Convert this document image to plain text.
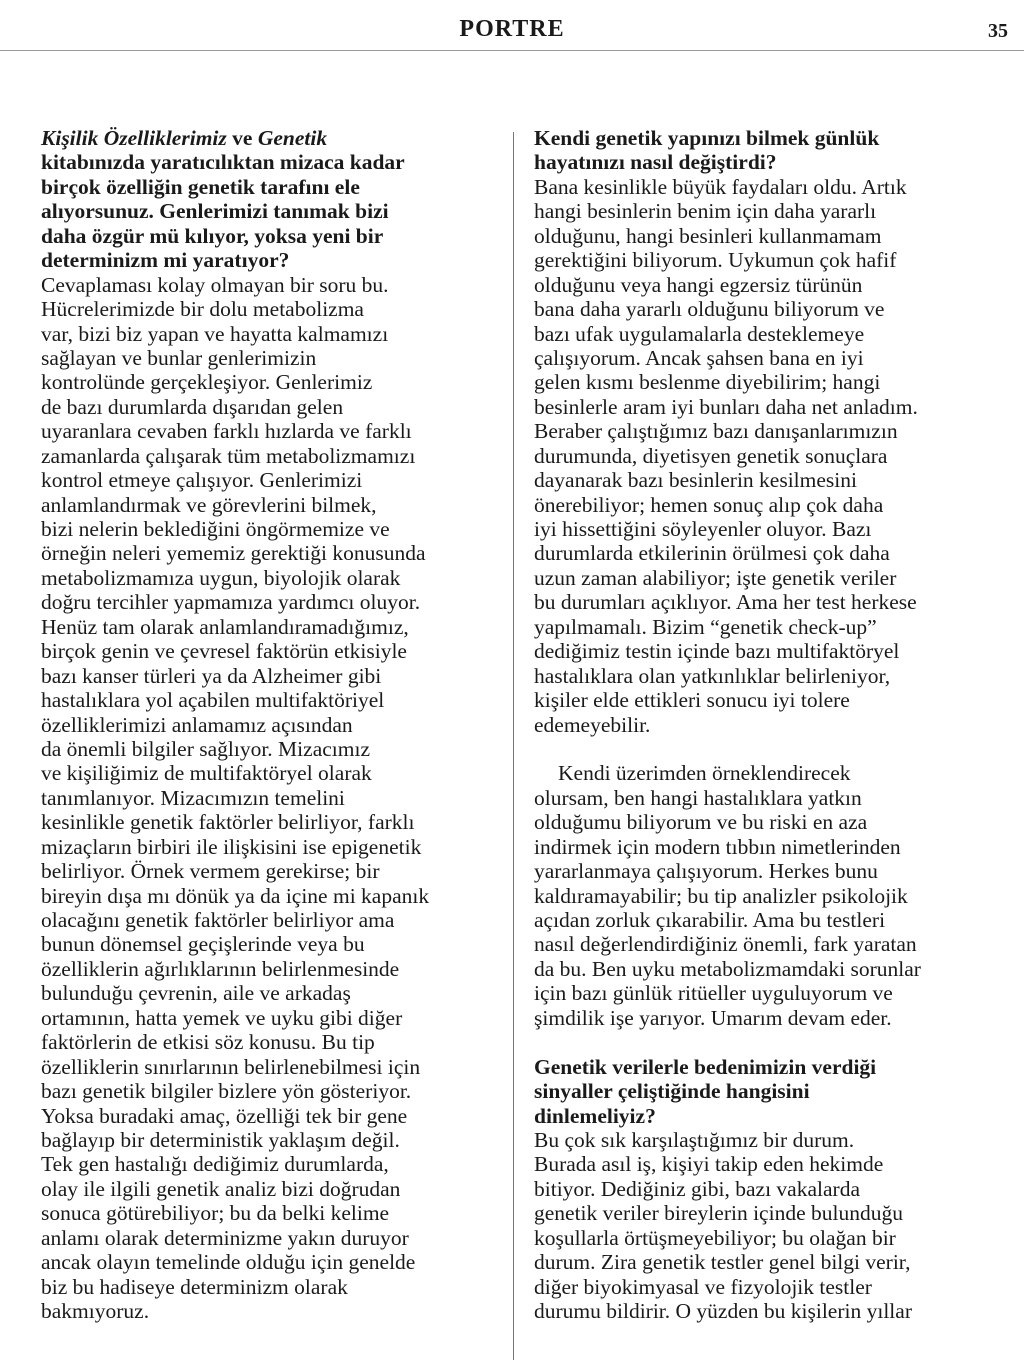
PORTRE	35
Kişilik Özelliklerimiz ve Genetik
kitabınızda yaratıcılıktan mizaca kadar
birçok özelliğin genetik tarafını ele
alıyorsunuz. Genlerimizi tanımak bizi
daha özgür mü kılıyor, yoksa yeni bir
determinizm mi yaratıyor?
Cevaplaması kolay olmayan bir soru bu.
Hücrelerimizde bir dolu metabolizma
var, bizi biz yapan ve hayatta kalmamızı
sağlayan ve bunlar genlerimizin
kontrolünde gerçekleşiyor. Genlerimiz
de bazı durumlarda dışarıdan gelen
uyaranlara cevaben farklı hızlarda ve farklı
zamanlarda çalışarak tüm metabolizmamızı
kontrol etmeye çalışıyor. Genlerimizi
anlamlandırmak ve görevlerini bilmek,
bizi nelerin beklediğini öngörmemize ve
örneğin neleri yememiz gerektiği konusunda
metabolizmamıza uygun, biyolojik olarak
doğru tercihler yapmamıza yardımcı oluyor.
Henüz tam olarak anlamlandıramadığımız,
birçok genin ve çevresel faktörün etkisiyle
bazı kanser türleri ya da Alzheimer gibi
hastalıklara yol açabilen multifaktöriyel
özelliklerimizi anlamamız açısından
da önemli bilgiler sağlıyor. Mizacımız
ve kişiliğimiz de multifaktöryel olarak
tanımlanıyor. Mizacımızın temelini
kesinlikle genetik faktörler belirliyor, farklı
mizaçların birbiri ile ilişkisini ise epigenetik
belirliyor. Örnek vermem gerekirse; bir
bireyin dışa mı dönük ya da içine mi kapanık
olacağını genetik faktörler belirliyor ama
bunun dönemsel geçişlerinde veya bu
özelliklerin ağırlıklarının belirlenmesinde
bulunduğu çevrenin, aile ve arkadaş
ortamının, hatta yemek ve uyku gibi diğer
faktörlerin de etkisi söz konusu. Bu tip
özelliklerin sınırlarının belirlenebilmesi için
bazı genetik bilgiler bizlere yön gösteriyor.
Yoksa buradaki amaç, özelliği tek bir gene
bağlayıp bir deterministik yaklaşım değil.
Tek gen hastalığı dediğimiz durumlarda,
olay ile ilgili genetik analiz bizi doğrudan
sonuca götürebiliyor; bu da belki kelime
anlamı olarak determinizme yakın duruyor
ancak olayın temelinde olduğu için genelde
biz bu hadiseye determinizm olarak
bakmıyoruz.
Kendi genetik yapınızı bilmek günlük
hayatınızı nasıl değiştirdi?
Bana kesinlikle büyük faydaları oldu. Artık
hangi besinlerin benim için daha yararlı
olduğunu, hangi besinleri kullanmamam
gerektiğini biliyorum. Uykumun çok hafif
olduğunu veya hangi egzersiz türünün
bana daha yararlı olduğunu biliyorum ve
bazı ufak uygulamalarla desteklemeye
çalışıyorum. Ancak şahsen bana en iyi
gelen kısmı beslenme diyebilirim; hangi
besinlerle aram iyi bunları daha net anladım.
Beraber çalıştığımız bazı danışanlarımızın
durumunda, diyetisyen genetik sonuçlara
dayanarak bazı besinlerin kesilmesini
önerebiliyor; hemen sonuç alıp çok daha
iyi hissettiğini söyleyenler oluyor. Bazı
durumlarda etkilerinin örülmesi çok daha
uzun zaman alabiliyor; işte genetik veriler
bu durumları açıklıyor. Ama her test herkese
yapılmamalı. Bizim “genetik check-up”
dediğimiz testin içinde bazı multifaktöryel
hastalıklara olan yatkınlıklar belirleniyor,
kişiler elde ettikleri sonucu iyi tolere
edemeyebilir.
Kendi üzerimden örneklendirecek
olursam, ben hangi hastalıklara yatkın
olduğumu biliyorum ve bu riski en aza
indirmek için modern tıbbın nimetlerinden
yararlanmaya çalışıyorum. Herkes bunu
kaldıramayabilir; bu tip analizler psikolojik
açıdan zorluk çıkarabilir. Ama bu testleri
nasıl değerlendirdiğiniz önemli, fark yaratan
da bu. Ben uyku metabolizmamdaki sorunlar
için bazı günlük ritüeller uyguluyorum ve
şimdilik işe yarıyor. Umarım devam eder.
Genetik verilerle bedenimizin verdiği
sinyaller çeliştiğinde hangisini
dinlemeliyiz?
Bu çok sık karşılaştığımız bir durum.
Burada asıl iş, kişiyi takip eden hekimde
bitiyor. Dediğiniz gibi, bazı vakalarda
genetik veriler bireylerin içinde bulunduğu
koşullarla örtüşmeyebiliyor; bu olağan bir
durum. Zira genetik testler genel bilgi verir,
diğer biyokimyasal ve fizyolojik testler
durumu bildirir. O yüzden bu kişilerin yıllar
